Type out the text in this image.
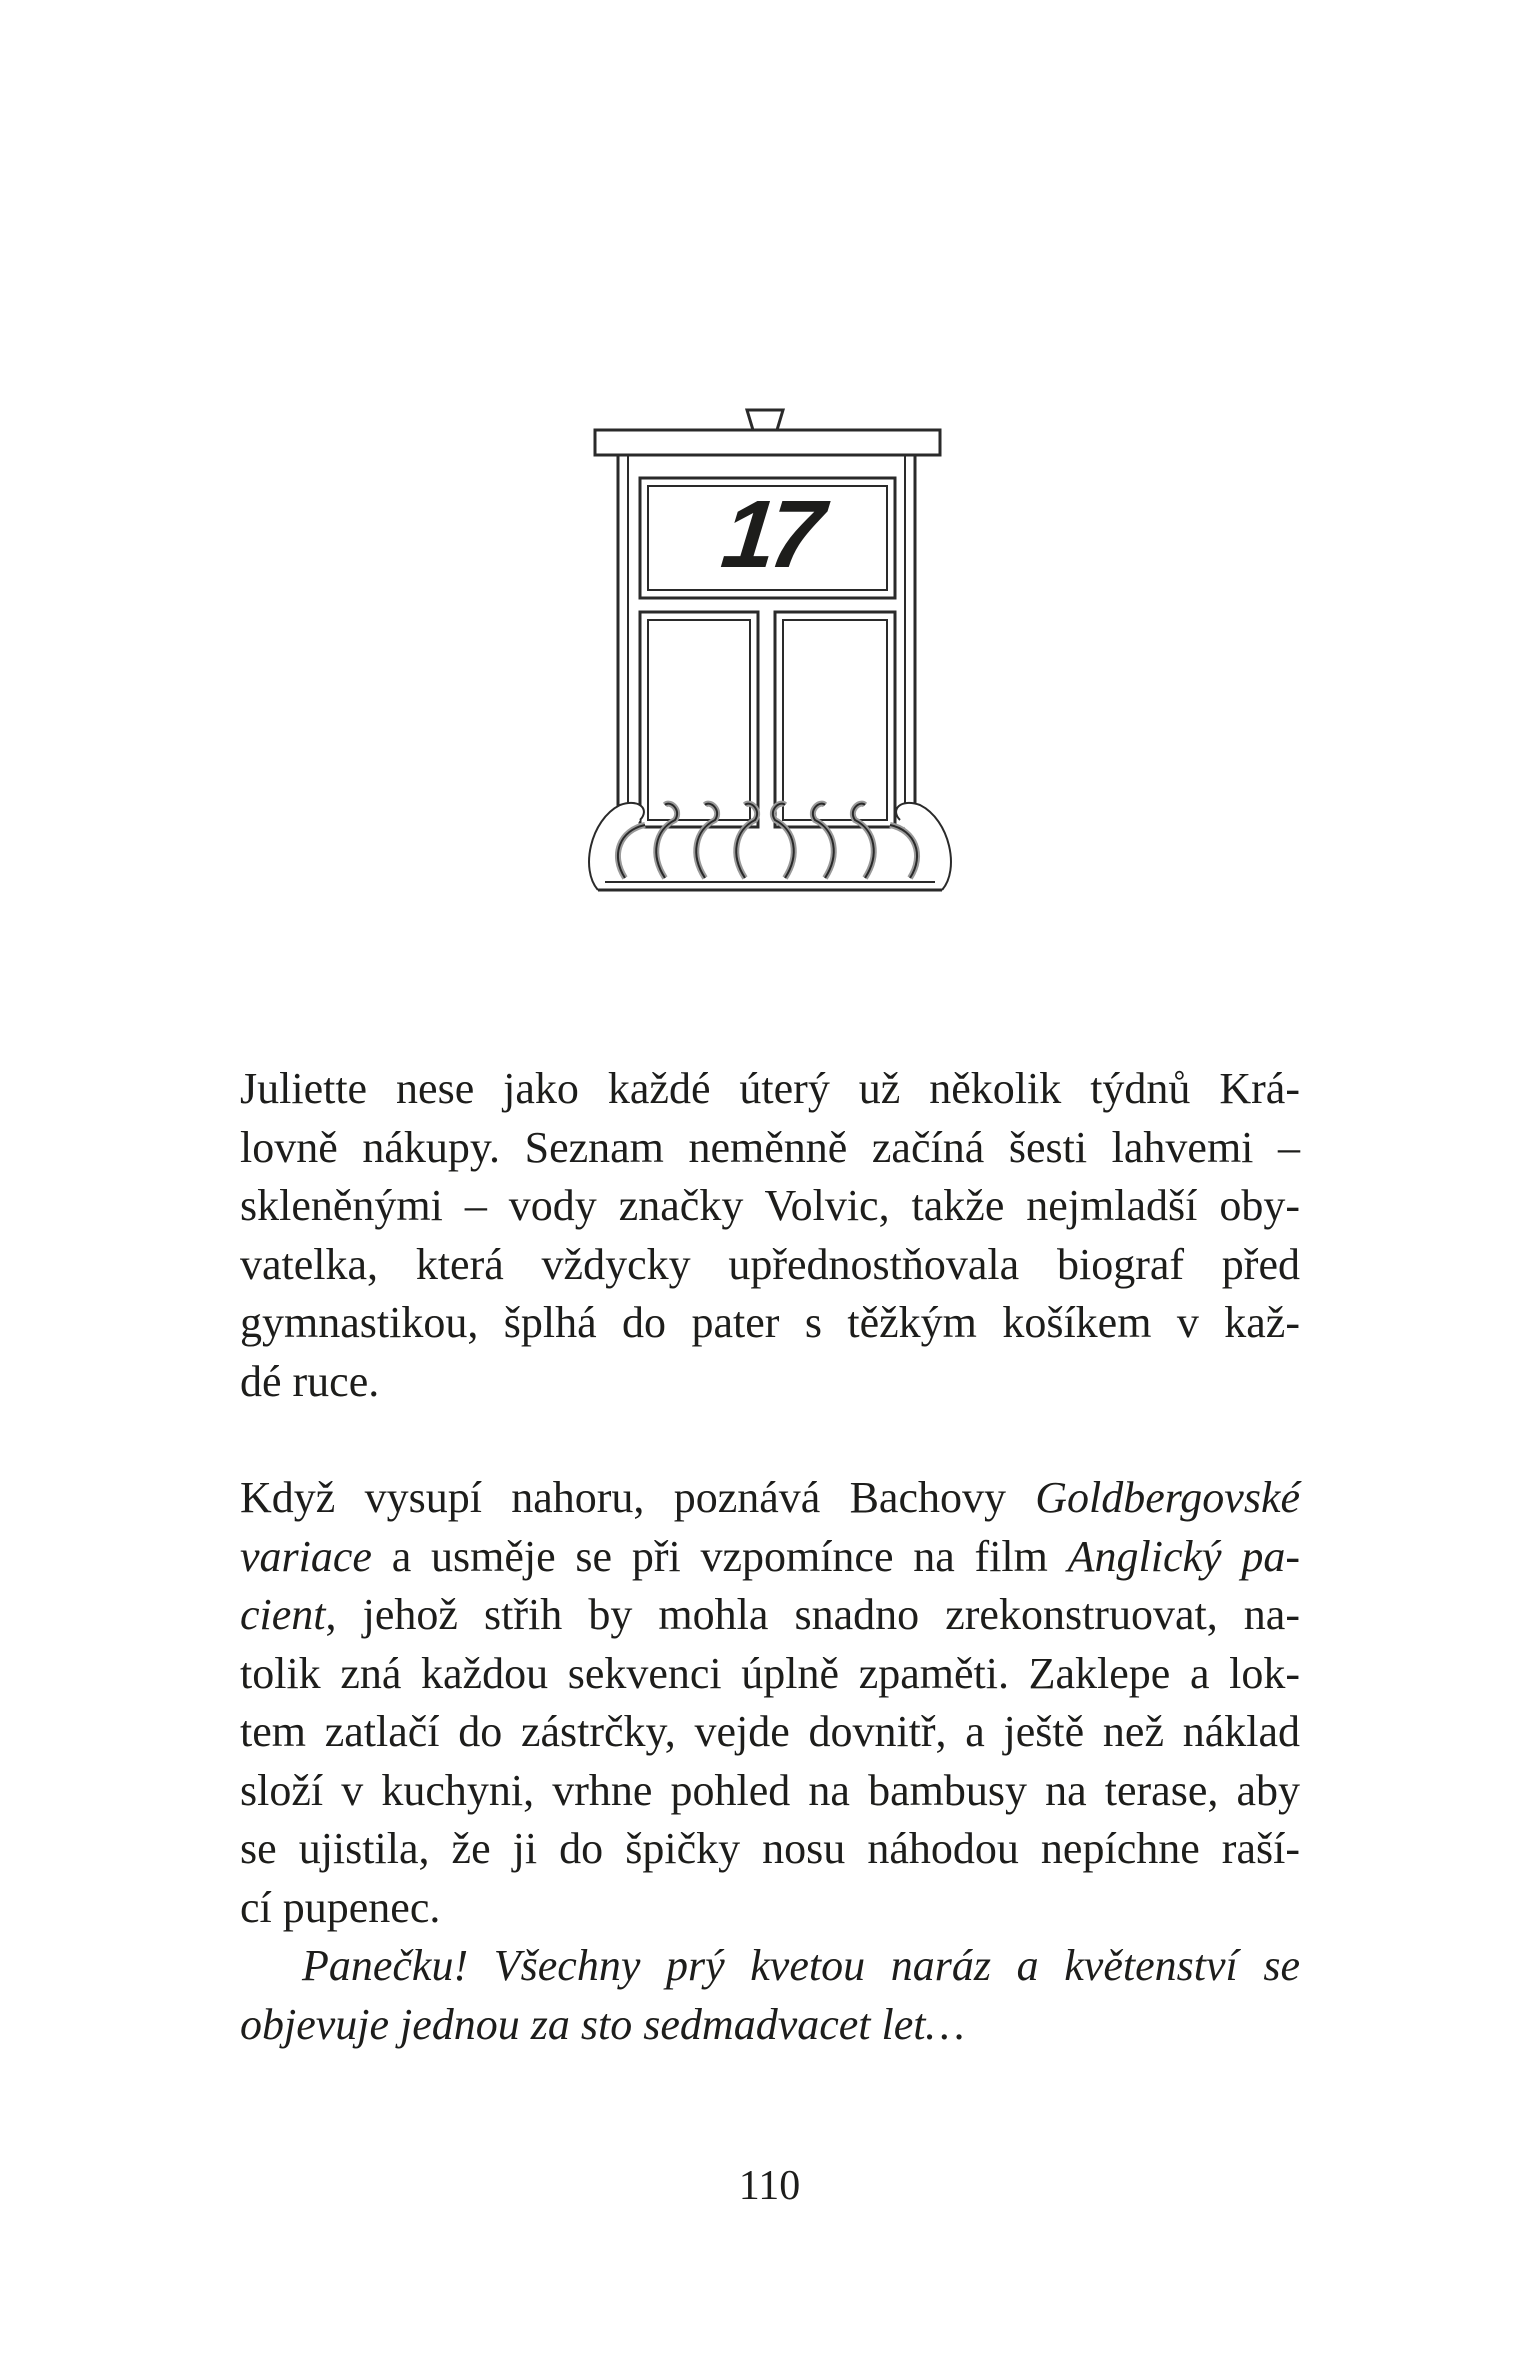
17
Juliette nese jako každé úterý už několik týdnů Krá-
lovně nákupy. Seznam neměnně začíná šesti lahvemi –
skleněnými – vody značky Volvic, takže nejmladší oby-
vatelka, která vždycky upřednostňovala biograf před
gymnastikou, šplhá do pater s těžkým košíkem v kaž-
dé ruce.
Když vysupí nahoru, poznává Bachovy Goldbergovské
variace a usměje se při vzpomínce na film Anglický pa-
cient, jehož střih by mohla snadno zrekonstruovat, na-
tolik zná každou sekvenci úplně zpaměti. Zaklepe a lok-
tem zatlačí do zástrčky, vejde dovnitř, a ještě než náklad
složí v kuchyni, vrhne pohled na bambusy na terase, aby
se ujistila, že ji do špičky nosu náhodou nepíchne raší-
cí pupenec.
Panečku! Všechny prý kvetou naráz a květenství se
objevuje jednou za sto sedmadvacet let…
110
